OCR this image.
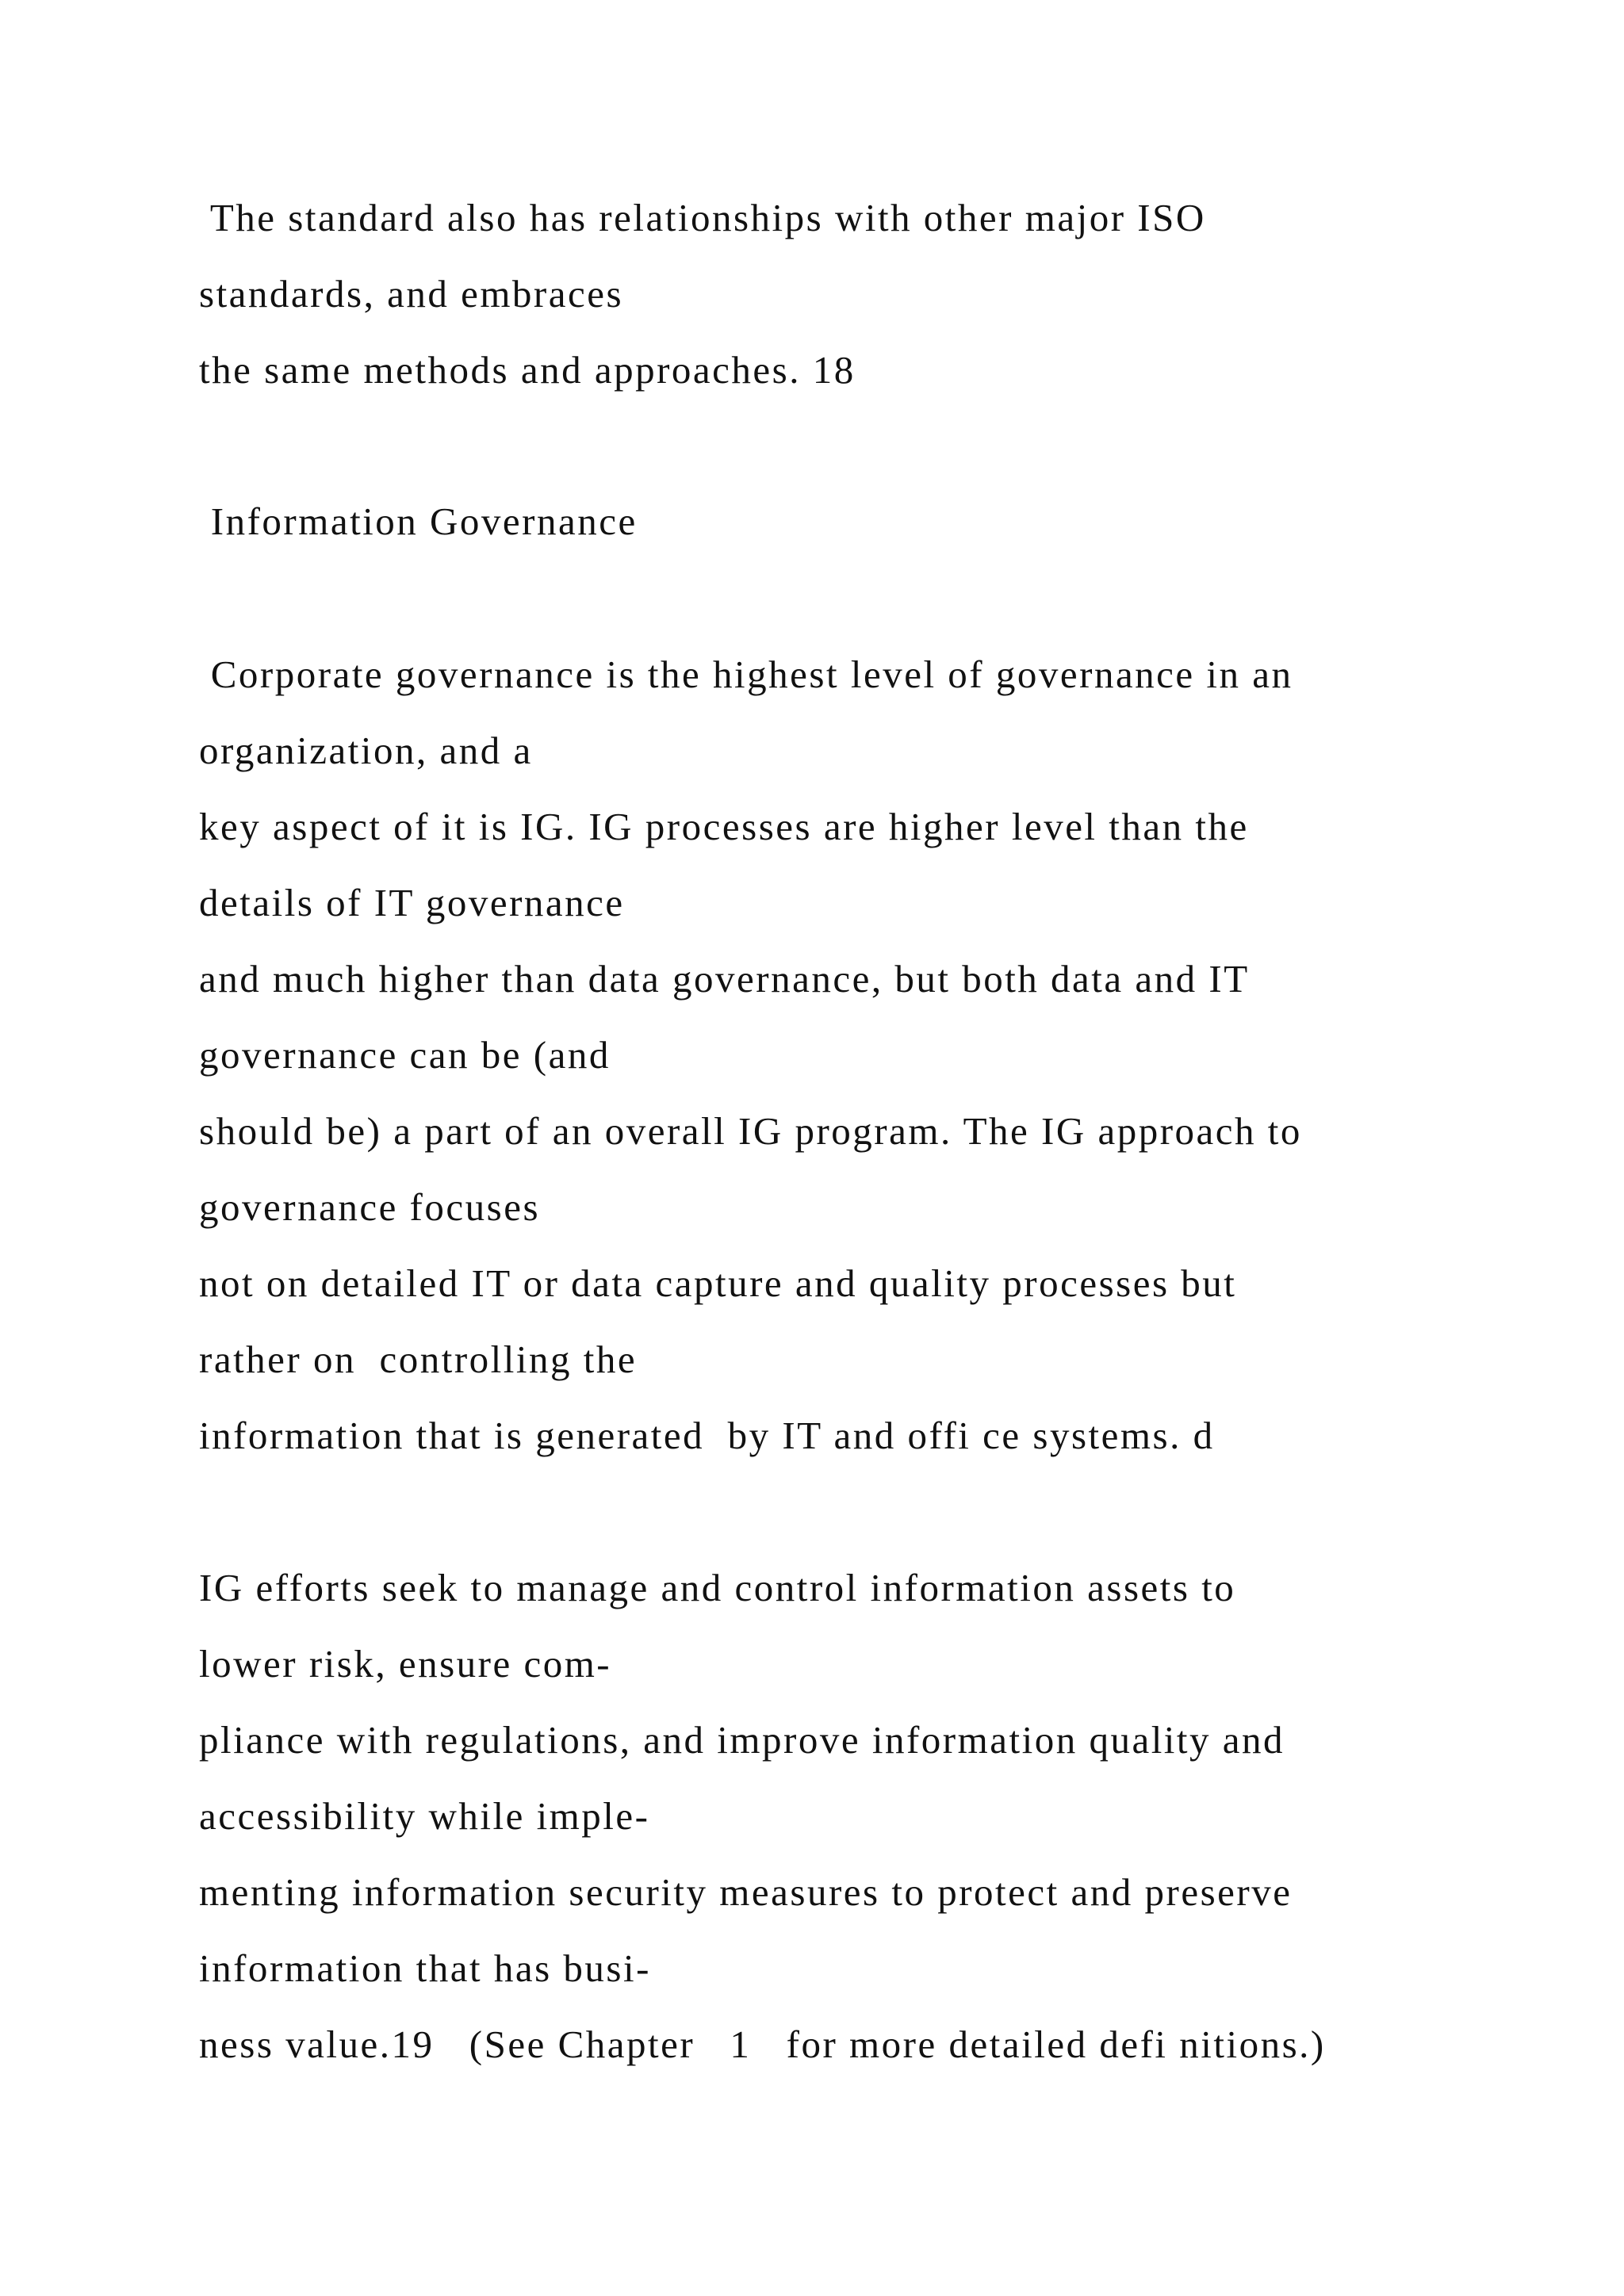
The standard also has relationships with other major ISO

standards, and embraces

the same methods and approaches. 18

Information Governance

Corporate governance is the highest level of governance in an

organization, and a

key aspect of it is IG. IG processes are higher level than the

details of IT governance

and much higher than data governance, but both data and IT

governance can be (and

should be) a part of an overall IG program. The IG approach to

governance focuses

not on detailed IT or data capture and quality processes but

rather on  controlling the

information that is generated  by IT and offi ce systems. d

IG efforts seek to manage and control information assets to

lower risk, ensure com-

pliance with regulations, and improve information quality and

accessibility while imple-

menting information security measures to protect and preserve

information that has busi-

ness value.19   (See Chapter   1   for more detailed defi nitions.)
